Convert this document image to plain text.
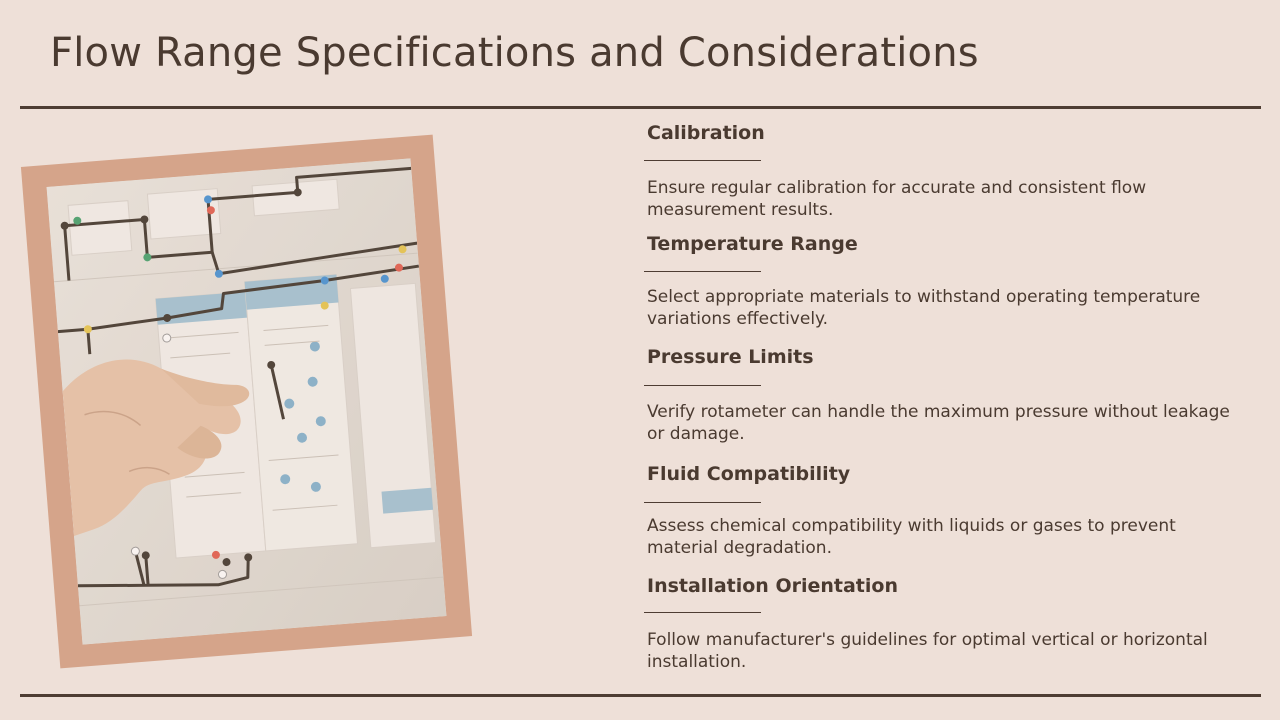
Flow Range Specifications and Considerations
Calibration
Ensure regular calibration for accurate and consistent flow measurement results.
Temperature Range
Select appropriate materials to withstand operating temperature variations effectively.
Pressure Limits
Verify rotameter can handle the maximum pressure without leakage or damage.
Fluid Compatibility
Assess chemical compatibility with liquids or gases to prevent material degradation.
Installation Orientation
Follow manufacturer's guidelines for optimal vertical or horizontal installation.
